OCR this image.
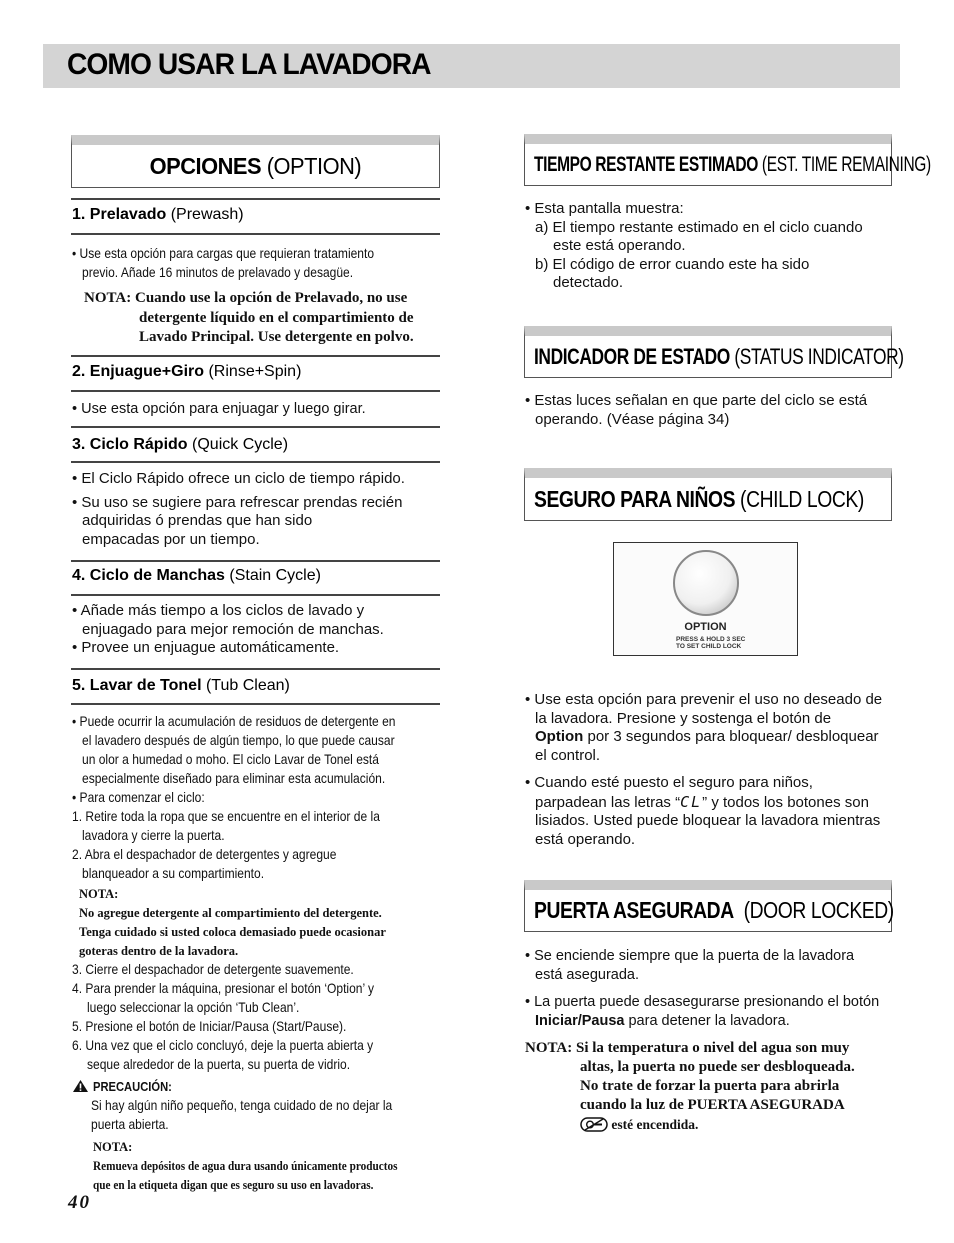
COMO USAR LA LAVADORA
OPCIONES (OPTION)
1. Prelavado (Prewash)
• Use esta opción para cargas que requieran tratamiento
previo. Añade 16 minutos de prelavado y desagüe.
NOTA: Cuando use la opción de Prelavado, no use
detergente líquido en el compartimiento de
Lavado Principal. Use detergente en polvo.
2. Enjuague+Giro (Rinse+Spin)
• Use esta opción para enjuagar y luego girar.
3. Ciclo Rápido (Quick Cycle)
• El Ciclo Rápido ofrece un ciclo de tiempo rápido.
• Su uso se sugiere para refrescar prendas recién
adquiridas ó prendas que han sido
empacadas por un tiempo.
4. Ciclo de Manchas (Stain Cycle)
• Añade más tiempo a los ciclos de lavado y
enjuagado para mejor remoción de manchas.
• Provee un enjuague automáticamente.
5. Lavar de Tonel (Tub Clean)
• Puede ocurrir la acumulación de residuos de detergente en
el lavadero después de algún tiempo, lo que puede causar
un olor a humedad o moho. El ciclo Lavar de Tonel está
especialmente diseñado para eliminar esta acumulación.
• Para comenzar el ciclo:
1. Retire toda la ropa que se encuentre en el interior de la
lavadora y cierre la puerta.
2. Abra el despachador de detergentes y agregue
blanqueador a su compartimiento.
NOTA:
No agregue detergente al compartimiento del detergente.
Tenga cuidado si usted coloca demasiado puede ocasionar
goteras dentro de la lavadora.
3. Cierre el despachador de detergente suavemente.
4. Para prender la máquina, presionar el botón ‘Option’ y
luego seleccionar la opción ‘Tub Clean’.
5. Presione el botón de Iniciar/Pausa (Start/Pause).
6. Una vez que el ciclo concluyó, deje la puerta abierta y
seque alrededor de la puerta, su puerta de vidrio.
PRECAUCIÓN:
Si hay algún niño pequeño, tenga cuidado de no dejar la
puerta abierta.
NOTA:
Remueva depósitos de agua dura usando únicamente productos
que en la etiqueta digan que es seguro su uso en lavadoras.
40
TIEMPO RESTANTE ESTIMADO (EST. TIME REMAINING)
• Esta pantalla muestra:
a) El tiempo restante estimado en el ciclo cuando
este está operando.
b) El código de error cuando este ha sido
detectado.
INDICADOR DE ESTADO (STATUS INDICATOR)
• Estas luces señalan en que parte del ciclo se está
operando. (Véase página 34)
SEGURO PARA NIÑOS (CHILD LOCK)
OPTION
PRESS & HOLD 3 SEC
TO SET CHILD LOCK
• Use esta opción para prevenir el uso no deseado de
la lavadora. Presione y sostenga el botón de
Option por 3 segundos para bloquear/ desbloquear
el control.
• Cuando esté puesto el seguro para niños,
parpadean las letras “CL” y todos los botones son
lisiados. Usted puede bloquear la lavadora mientras
está operando.
PUERTA ASEGURADA  (DOOR LOCKED)
• Se enciende siempre que la puerta de la lavadora
está asegurada.
• La puerta puede desasegurarse presionando el botón
Iniciar/Pausa para detener la lavadora.
NOTA: Si la temperatura o nivel del agua son muy
altas, la puerta no puede ser desbloqueada.
No trate de forzar la puerta para abrirla
cuando la luz de PUERTA ASEGURADA
esté encendida.
